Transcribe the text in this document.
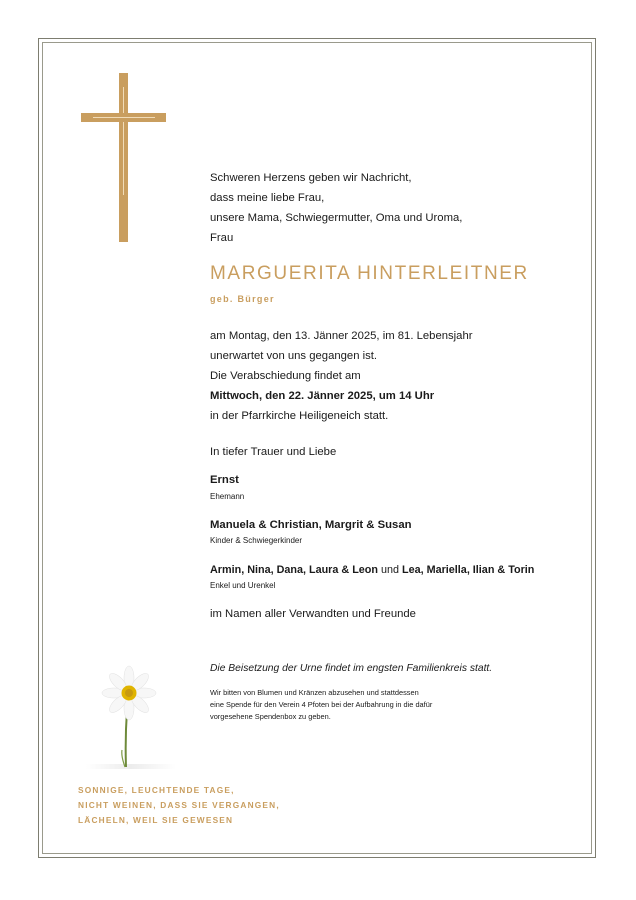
Schweren Herzens geben wir Nachricht,
dass meine liebe Frau,
unsere Mama, Schwiegermutter, Oma und Uroma,
Frau
MARGUERITA HINTERLEITNER
geb. Bürger
am Montag, den 13. Jänner 2025, im 81. Lebensjahr
unerwartet von uns gegangen ist.
Die Verabschiedung findet am
Mittwoch, den 22. Jänner 2025, um 14 Uhr
in der Pfarrkirche Heiligeneich statt.
In tiefer Trauer und Liebe
Ernst
Ehemann
Manuela & Christian, Margrit & Susan
Kinder & Schwiegerkinder
Armin, Nina, Dana, Laura & Leon und Lea, Mariella, Ilian & Torin
Enkel und Urenkel
im Namen aller Verwandten und Freunde
Die Beisetzung der Urne findet im engsten Familienkreis statt.
Wir bitten von Blumen und Kränzen abzusehen und stattdessen
eine Spende für den Verein 4 Pfoten bei der Aufbahrung in die dafür
vorgesehene Spendenbox zu geben.
SONNIGE, LEUCHTENDE TAGE,
NICHT WEINEN, DASS SIE VERGANGEN,
LÄCHELN, WEIL SIE GEWESEN
